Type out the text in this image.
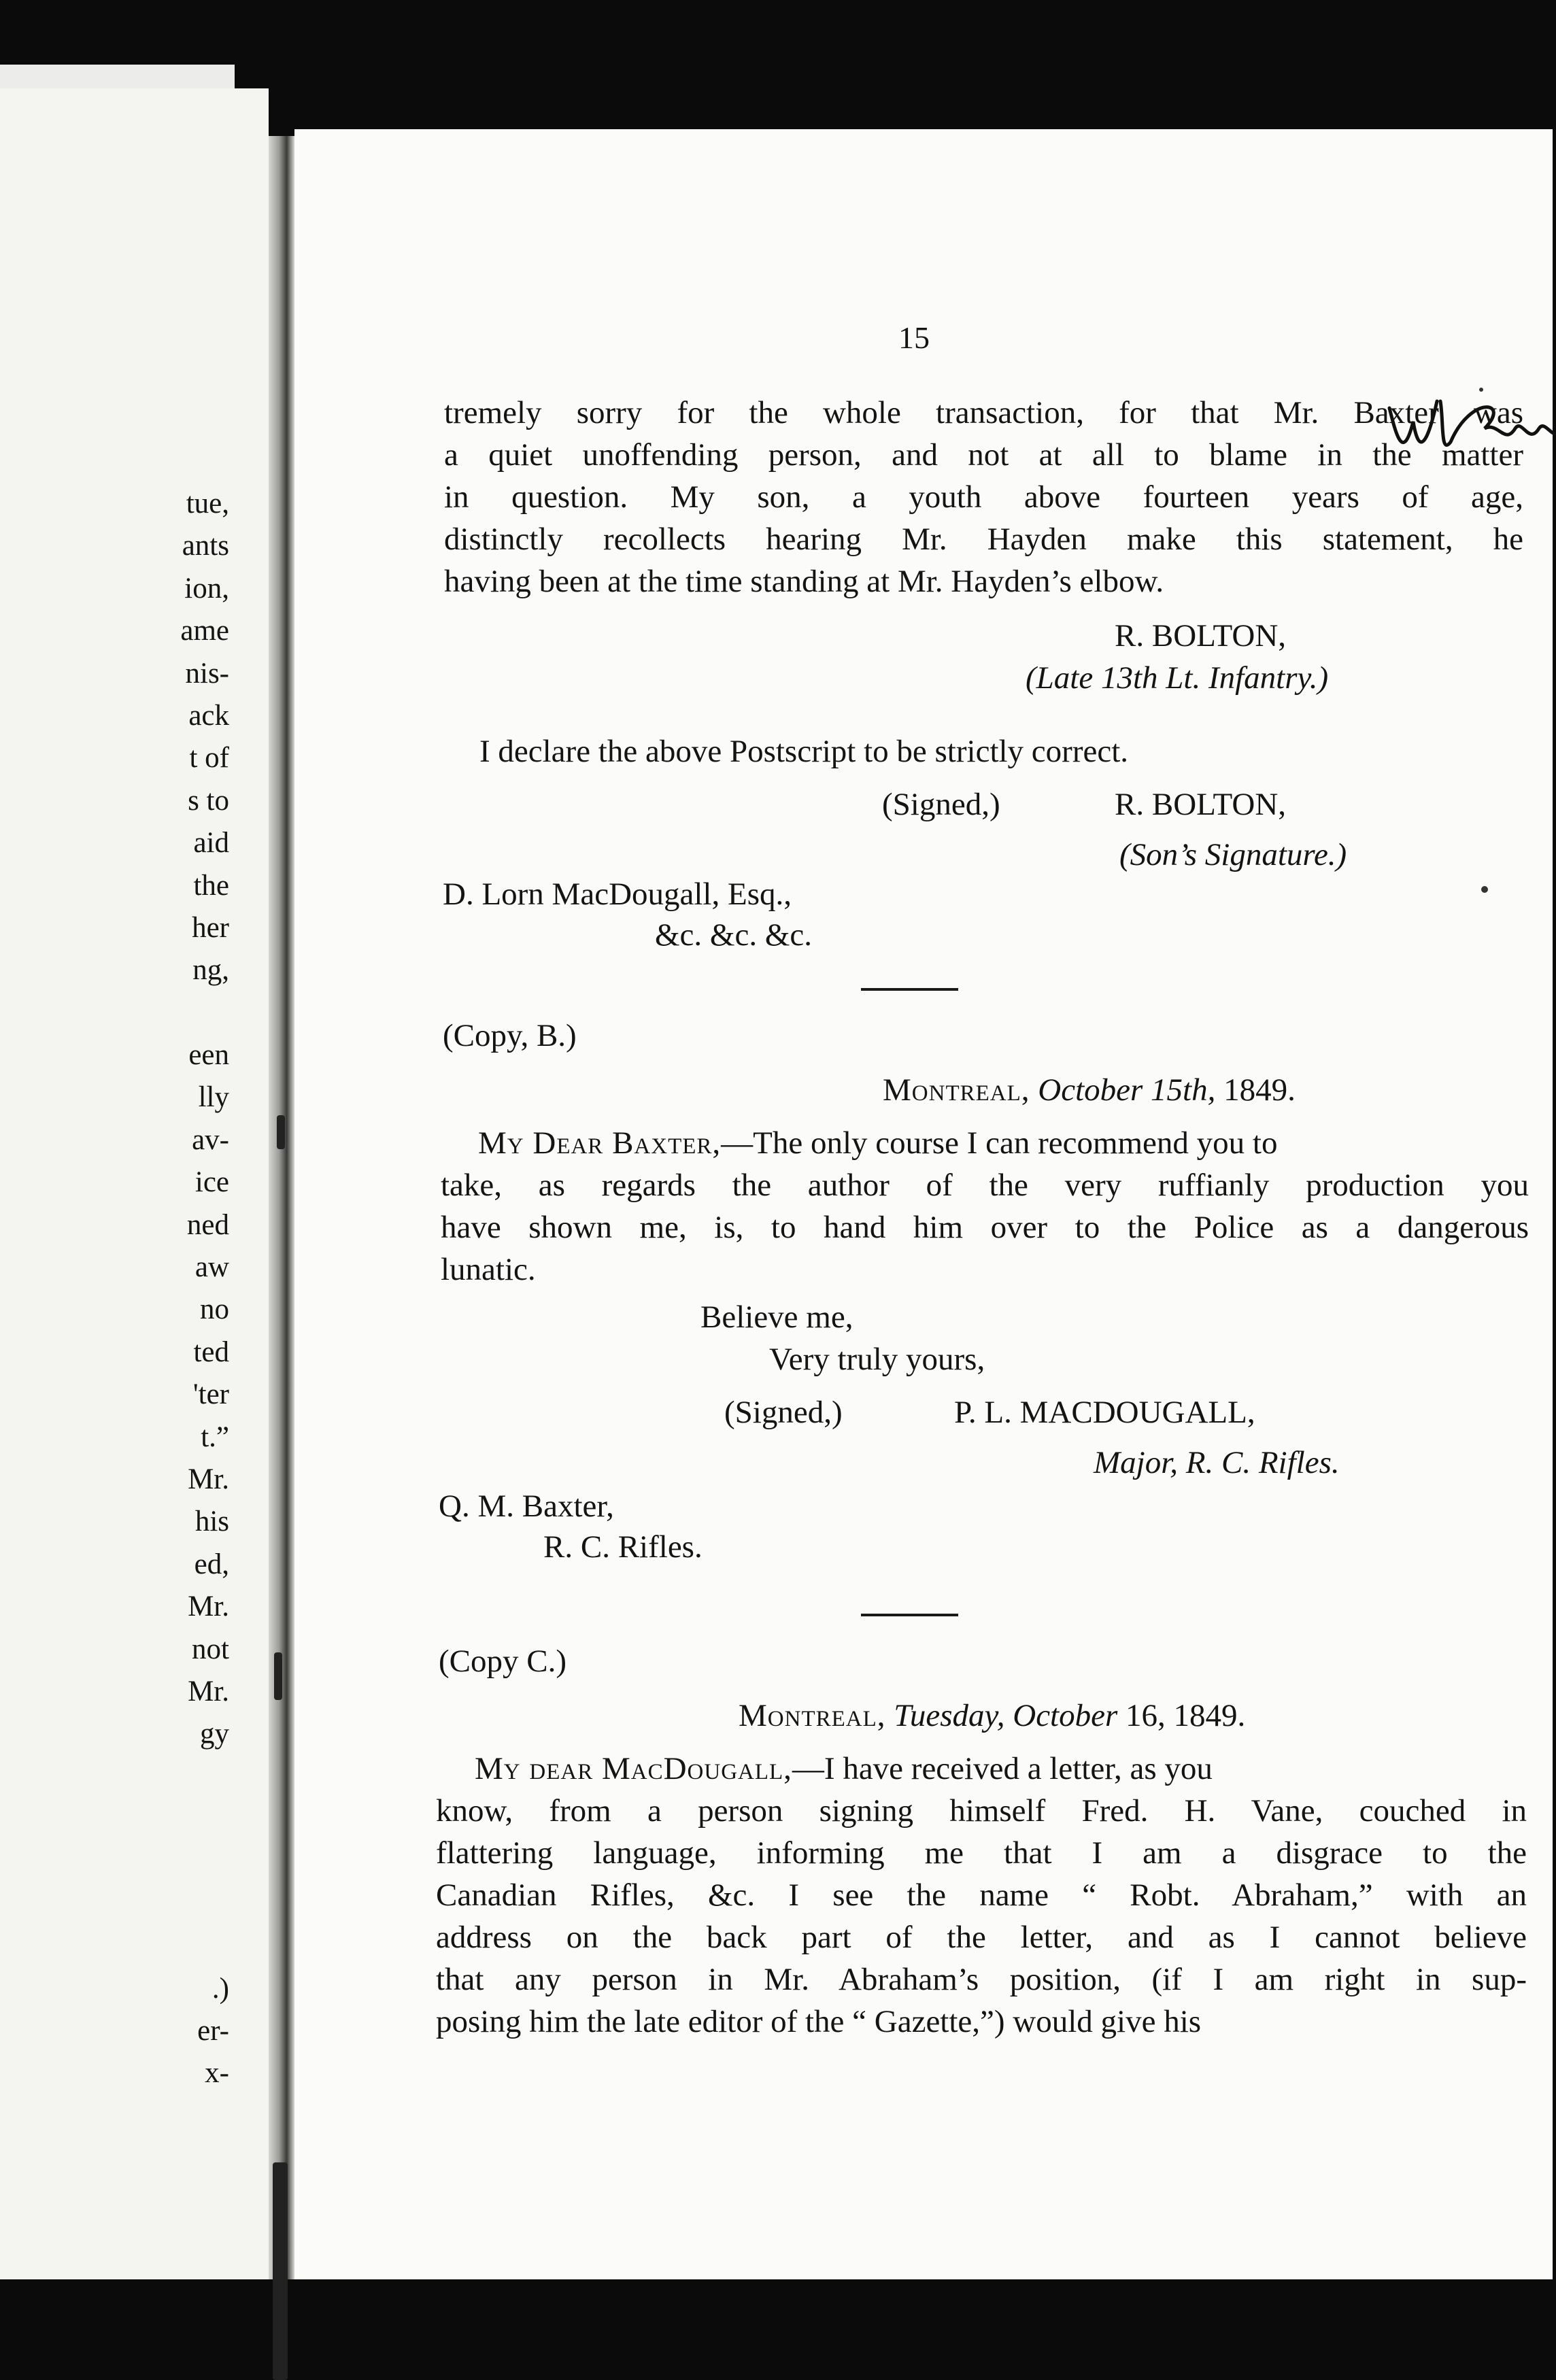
tue,
ants
ion,
ame
nis-
ack
t of
s to
aid
the
her
ng,
een
lly
av-
ice
ned
aw
no
ted
'ter
t.”
Mr.
his
ed,
Mr.
not
Mr.
gy
.)
er-
x-
15
tremely sorry for the whole transaction, for that Mr. Baxter was
a quiet unoffending person, and not at all to blame in the matter
in question. My son, a youth above fourteen years of age,
distinctly recollects hearing Mr. Hayden make this statement, he
having been at the time standing at Mr. Hayden’s elbow.
R. BOLTON,
(Late 13th Lt. Infantry.)
I declare the above Postscript to be strictly correct.
(Signed,)	R. BOLTON,
(Son’s Signature.)
D. Lorn MacDougall, Esq.,
&c. &c. &c.
(Copy, B.)
Montreal, October 15th, 1849.
My Dear Baxter, —The only course I can recommend you to
take, as regards the author of the very ruffianly production you
have shown me, is, to hand him over to the Police as a dangerous
lunatic.
Believe me,
Very truly yours,
(Signed,)	P. L. MACDOUGALL,
Major, R. C. Rifles.
Q. M. Baxter,
R. C. Rifles.
(Copy C.)
Montreal, Tuesday, October 16, 1849.
My dear MacDougall, —I have received a letter, as you
know, from a person signing himself Fred. H. Vane, couched in
flattering language, informing me that I am a disgrace to the
Canadian Rifles, &c. I see the name “ Robt. Abraham,” with an
address on the back part of the letter, and as I cannot believe
that any person in Mr. Abraham’s position, (if I am right in sup-
posing him the late editor of the “ Gazette,”) would give his
